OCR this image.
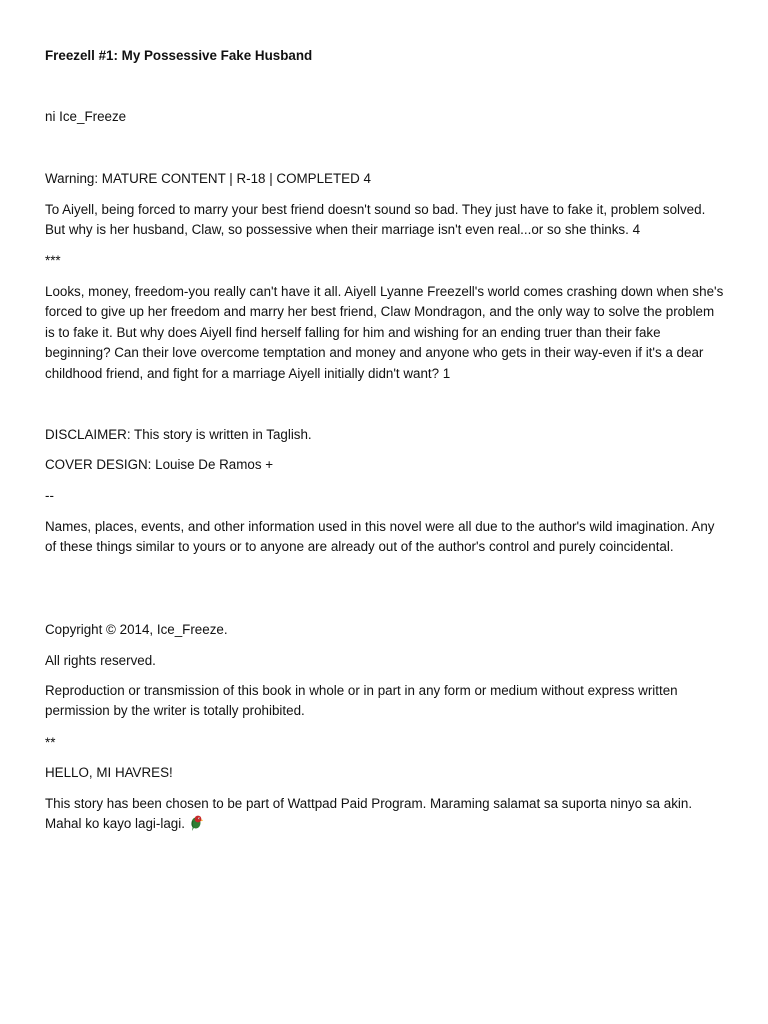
Freezell #1: My Possessive Fake Husband

ni Ice_Freeze

Warning: MATURE CONTENT | R-18 | COMPLETED 4

To Aiyell, being forced to marry your best friend doesn't sound so bad. They just have to fake it, problem solved. But why is her husband, Claw, so possessive when their marriage isn't even real...or so she thinks. 4

***

Looks, money, freedom-you really can't have it all. Aiyell Lyanne Freezell's world comes crashing down when she's forced to give up her freedom and marry her best friend, Claw Mondragon, and the only way to solve the problem is to fake it. But why does Aiyell find herself falling for him and wishing for an ending truer than their fake beginning? Can their love overcome temptation and money and anyone who gets in their way-even if it's a dear childhood friend, and fight for a marriage Aiyell initially didn't want? 1

DISCLAIMER: This story is written in Taglish.

COVER DESIGN: Louise De Ramos +

--

Names, places, events, and other information used in this novel were all due to the author's wild imagination. Any of these things similar to yours or to anyone are already out of the author's control and purely coincidental.

Copyright © 2014, Ice_Freeze.

All rights reserved.

Reproduction or transmission of this book in whole or in part in any form or medium without express written permission by the writer is totally prohibited.

**

HELLO, MI HAVRES!

This story has been chosen to be part of Wattpad Paid Program. Maraming salamat sa suporta ninyo sa akin. Mahal ko kayo lagi-lagi.
